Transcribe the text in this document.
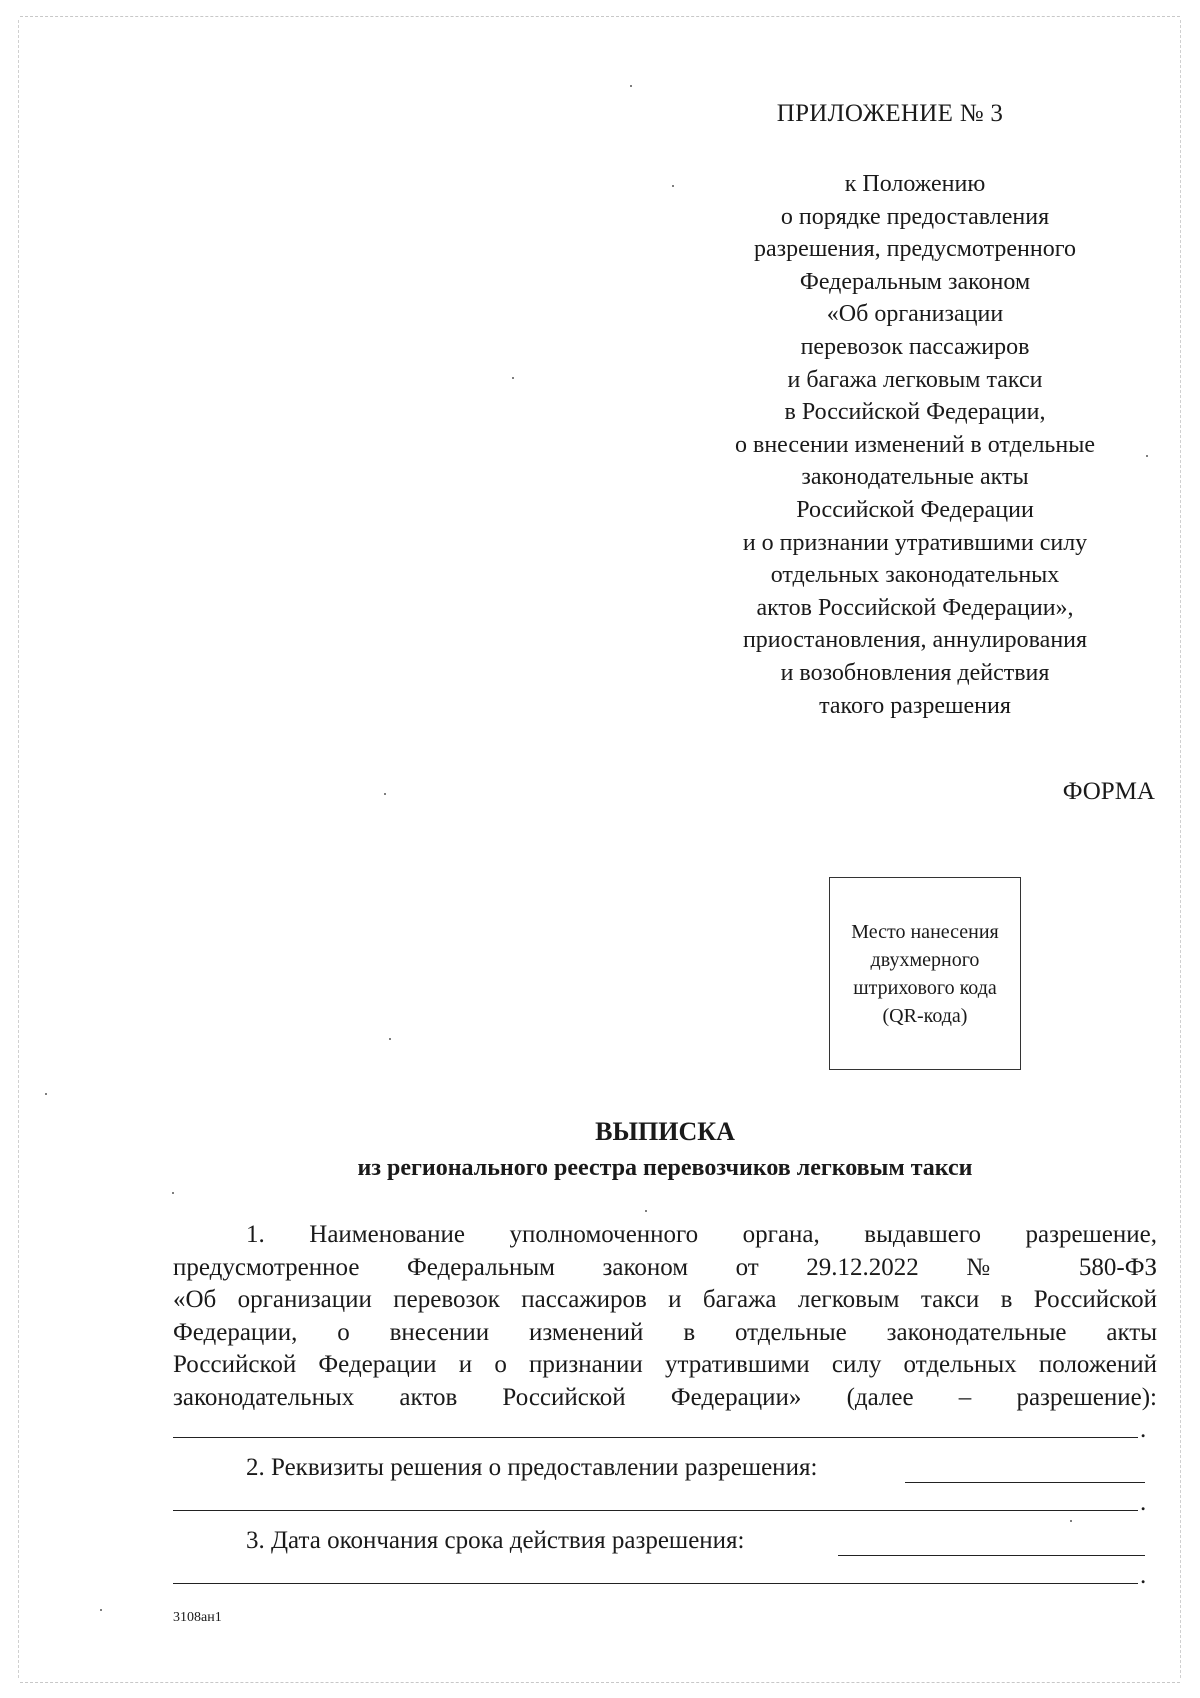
ПРИЛОЖЕНИЕ № 3
к Положению
о порядке предоставления
разрешения, предусмотренного
Федеральным законом
«Об организации
перевозок пассажиров
и багажа легковым такси
в Российской Федерации,
о внесении изменений в отдельные
законодательные акты
Российской Федерации
и о признании утратившими силу
отдельных законодательных
актов Российской Федерации»,
приостановления, аннулирования
и возобновления действия
такого разрешения
ФОРМА
Место нанесения
двухмерного
штрихового кода
(QR-кода)
ВЫПИСКА
из регионального реестра перевозчиков легковым такси
1. Наименование уполномоченного органа, выдавшего разрешение,
предусмотренное Федеральным законом от 29.12.2022 № 580-ФЗ
«Об организации перевозок пассажиров и багажа легковым такси в Российской
Федерации, о внесении изменений в отдельные законодательные акты
Российской Федерации и о признании утратившими силу отдельных положений
законодательных актов Российской Федерации» (далее – разрешение):
.
2. Реквизиты решения о предоставлении разрешения:
.
3. Дата окончания срока действия разрешения:
.
3108ан1
